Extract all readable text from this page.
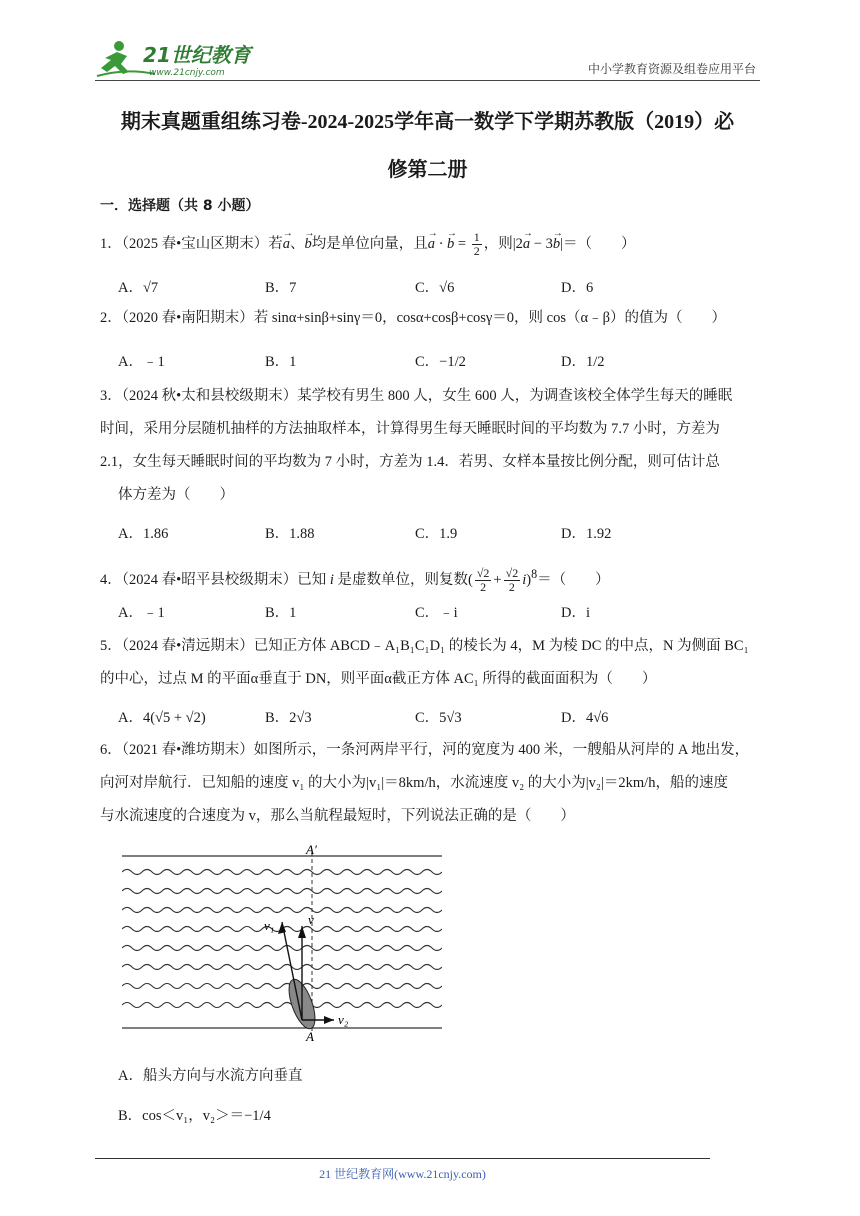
21世纪教育
www.21cnjy.com	中小学教育资源及组卷应用平台
期末真题重组练习卷-2024-2025学年高一数学下学期苏教版（2019）必
修第二册
一．选择题（共 8 小题）
1．（2025 春•宝山区期末）若→ a、→ b均是单位向量，且→ a · → $b = \frac{1}{2}$ ，则|2→ a − 3→ b|＝（　　）
A．√7	B．7	C．√6	D．6
2．（2020 春•南阳期末）若 sinα+sinβ+sinγ＝0，cosα+cosβ+cosγ＝0，则 cos（α﹣β）的值为（　　）
A．﹣1	B．1	C．−1/2	D．1/2
3．（2024 秋•太和县校级期末）某学校有男生 800 人，女生 600 人，为调查该校全体学生每天的睡眠
时间，采用分层随机抽样的方法抽取样本，计算得男生每天睡眠时间的平均数为 7.7 小时，方差为
2.1，女生每天睡眠时间的平均数为 7 小时，方差为 1.4．若男、女样本量按比例分配，则可估计总
体方差为（　　）
A．1.86	B．1.88	C．1.9	D．1.92
4．（2024 春•昭平县校级期末）已知 i 是虚数单位，则复数( $\frac{√2}{2} + \frac{√2}{2} i)^8=$（　　）
A．﹣1	B．1	C．﹣i	D．i
5．（2024 春•清远期末）已知正方体 ABCD﹣A₁B₁C₁D₁ 的棱长为 4，M 为棱 DC 的中点，N 为侧面 BC₁
的中心，过点 M 的平面α垂直于 DN，则平面α截正方体 AC₁ 所得的截面面积为（　　）
A．4(√5 + √2)	B．2√3	C．5√3	D．4√6
6．（2021 春•潍坊期末）如图所示，一条河两岸平行，河的宽度为 400 米，一艘船从河岸的 A 地出发，
向河对岸航行．已知船的速度 v₁ 的大小为|v₁|＝8km/h，水流速度 v₂ 的大小为|v₂|＝2km/h，船的速度
与水流速度的合速度为 v，那么当航程最短时，下列说法正确的是（　　）
A′
A
v₁	v
v₂
A．船头方向与水流方向垂直
B．cos＜v₁，v₂＞＝−1/4
21 世纪教育网(www.21cnjy.com)
